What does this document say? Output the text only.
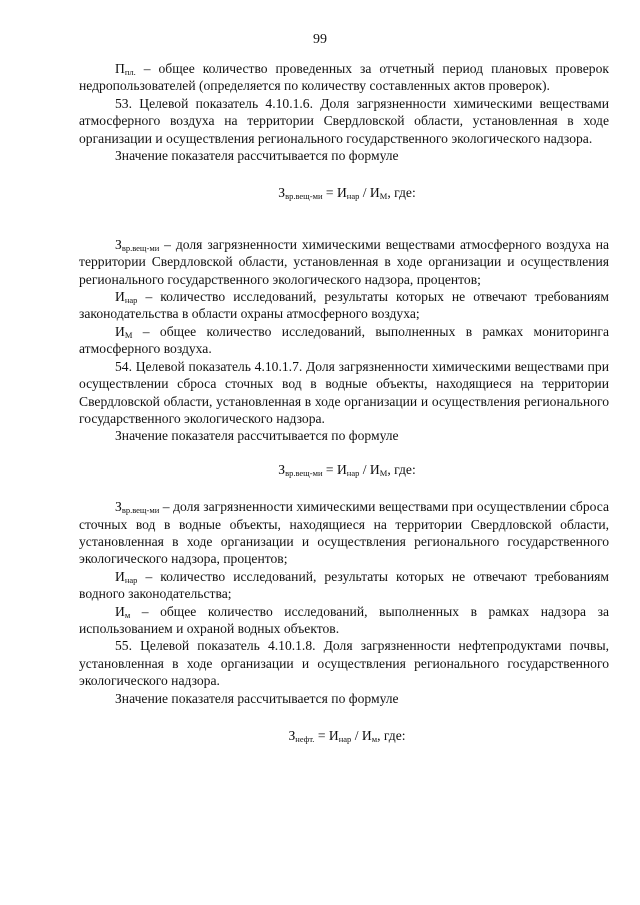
99

$П_{пл.}$ – общее количество проведенных за отчетный период плановых проверок недропользователей (определяется по количеству составленных актов проверок).

53. Целевой показатель 4.10.1.6. Доля загрязненности химическими веществами атмосферного воздуха на территории Свердловской области, установленная в ходе организации и осуществления регионального государственного экологического надзора.

Значение показателя рассчитывается по формуле

$З_{вр.вещ-ми} = И_{нар} / И_М$, где:

$З_{вр.вещ-ми}$ – доля загрязненности химическими веществами атмосферного воздуха на территории Свердловской области, установленная в ходе организации и осуществления регионального государственного экологического надзора, процентов;

$И_{нар}$ – количество исследований, результаты которых не отвечают требованиям законодательства в области охраны атмосферного воздуха;

$И_М$ – общее количество исследований, выполненных в рамках мониторинга атмосферного воздуха.

54. Целевой показатель 4.10.1.7. Доля загрязненности химическими веществами при осуществлении сброса сточных вод в водные объекты, находящиеся на территории Свердловской области, установленная в ходе организации и осуществления регионального государственного экологического надзора.

Значение показателя рассчитывается по формуле

$З_{вр.вещ-ми} = И_{нар} / И_М$, где:

$З_{вр.вещ-ми}$ – доля загрязненности химическими веществами при осуществлении сброса сточных вод в водные объекты, находящиеся на территории Свердловской области, установленная в ходе организации и осуществления регионального государственного экологического надзора, процентов;

$И_{нар}$ – количество исследований, результаты которых не отвечают требованиям водного законодательства;

$И_м$ – общее количество исследований, выполненных в рамках надзора за использованием и охраной водных объектов.

55. Целевой показатель 4.10.1.8. Доля загрязненности нефтепродуктами почвы, установленная в ходе организации и осуществления регионального государственного экологического надзора.

Значение показателя рассчитывается по формуле

$З_{нефт.} = И_{нар} / И_м$, где:
